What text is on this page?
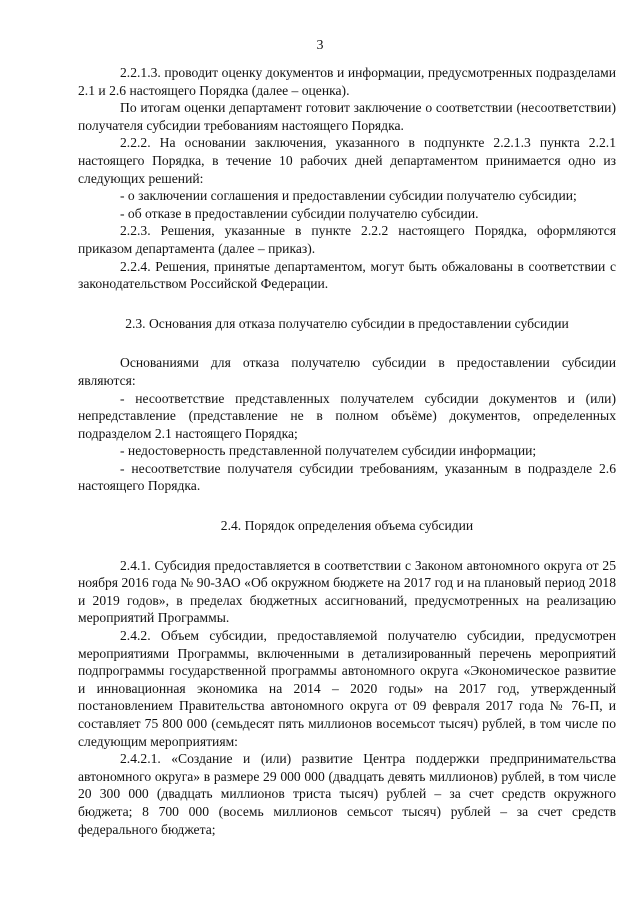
3

2.2.1.3. проводит оценку документов и информации, предусмотренных подразделами 2.1 и 2.6 настоящего Порядка (далее – оценка).

По итогам оценки департамент готовит заключение о соответствии (несоответствии) получателя субсидии требованиям настоящего Порядка.

2.2.2. На основании заключения, указанного в подпункте 2.2.1.3 пункта 2.2.1 настоящего Порядка, в течение 10 рабочих дней департаментом принимается одно из следующих решений:

- о заключении соглашения и предоставлении субсидии получателю субсидии;

- об отказе в предоставлении субсидии получателю субсидии.

2.2.3. Решения, указанные в пункте 2.2.2 настоящего Порядка, оформляются приказом департамента (далее – приказ).

2.2.4. Решения, принятые департаментом, могут быть обжалованы в соответствии с законодательством Российской Федерации.

2.3. Основания для отказа получателю субсидии в предоставлении субсидии

Основаниями для отказа получателю субсидии в предоставлении субсидии являются:

- несоответствие представленных получателем субсидии документов и (или) непредставление (представление не в полном объёме) документов, определенных подразделом 2.1 настоящего Порядка;

- недостоверность представленной получателем субсидии информации;

- несоответствие получателя субсидии требованиям, указанным в подразделе 2.6 настоящего Порядка.

2.4. Порядок определения объема субсидии

2.4.1. Субсидия предоставляется в соответствии с Законом автономного округа от 25 ноября 2016 года № 90-ЗАО «Об окружном бюджете на 2017 год и на плановый период 2018 и 2019 годов», в пределах бюджетных ассигнований, предусмотренных на реализацию мероприятий Программы.

2.4.2. Объем субсидии, предоставляемой получателю субсидии, предусмотрен мероприятиями Программы, включенными в детализированный перечень мероприятий подпрограммы государственной программы автономного округа «Экономическое развитие и инновационная экономика на 2014 – 2020 годы» на 2017 год, утвержденный постановлением Правительства автономного округа от 09 февраля 2017 года № 76-П, и составляет 75 800 000 (семьдесят пять миллионов восемьсот тысяч) рублей, в том числе по следующим мероприятиям:

2.4.2.1. «Создание и (или) развитие Центра поддержки предпринимательства автономного округа» в размере 29 000 000 (двадцать девять миллионов) рублей, в том числе 20 300 000 (двадцать миллионов триста тысяч) рублей – за счет средств окружного бюджета; 8 700 000 (восемь миллионов семьсот тысяч) рублей – за счет средств федерального бюджета;
